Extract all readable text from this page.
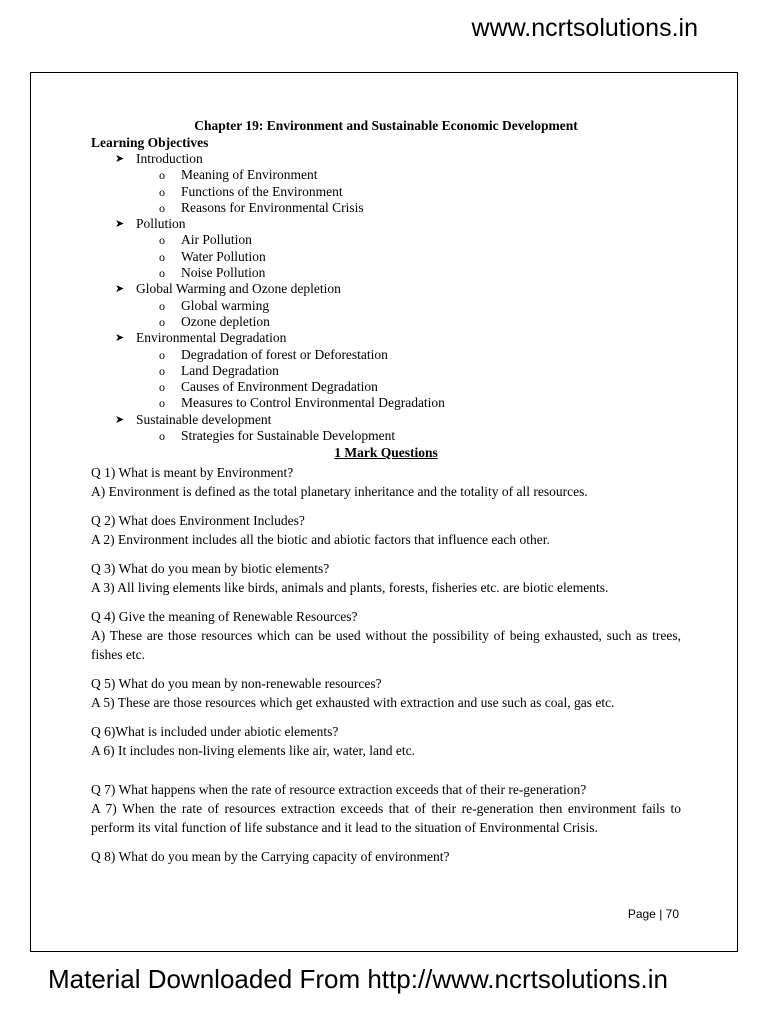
www.ncrtsolutions.in

Chapter 19: Environment and Sustainable Economic Development

Learning Objectives

➤ Introduction
o Meaning of Environment
o Functions of the Environment
o Reasons for Environmental Crisis
➤ Pollution
o Air Pollution
o Water Pollution
o Noise Pollution
➤ Global Warming and Ozone depletion
o Global warming
o Ozone depletion
➤ Environmental Degradation
o Degradation of forest or Deforestation
o Land Degradation
o Causes of Environment Degradation
o Measures to Control Environmental Degradation
➤ Sustainable development
o Strategies for Sustainable Development

1 Mark Questions

Q 1) What is meant by Environment?

A) Environment is defined as the total planetary inheritance and the totality of all resources.

Q 2) What does Environment Includes?

A 2) Environment includes all the biotic and abiotic factors that influence each other.

Q 3) What do you mean by biotic elements?

A 3) All living elements like birds, animals and plants, forests, fisheries etc. are biotic elements.

Q 4) Give the meaning of Renewable Resources?

A) These are those resources which can be used without the possibility of being exhausted, such as trees, fishes etc.

Q 5) What do you mean by non-renewable resources?

A 5) These are those resources which get exhausted with extraction and use such as coal, gas etc.

Q 6)What is included under abiotic elements?

A 6) It includes non-living elements like air, water, land etc.

Q 7) What happens when the rate of resource extraction exceeds that of their re-generation?

A 7) When the rate of resources extraction exceeds that of their re-generation then environment fails to perform its vital function of life substance and it lead to the situation of Environmental Crisis.

Q 8) What do you mean by the Carrying capacity of environment?

Page | 70
Material Downloaded From http://www.ncrtsolutions.in
